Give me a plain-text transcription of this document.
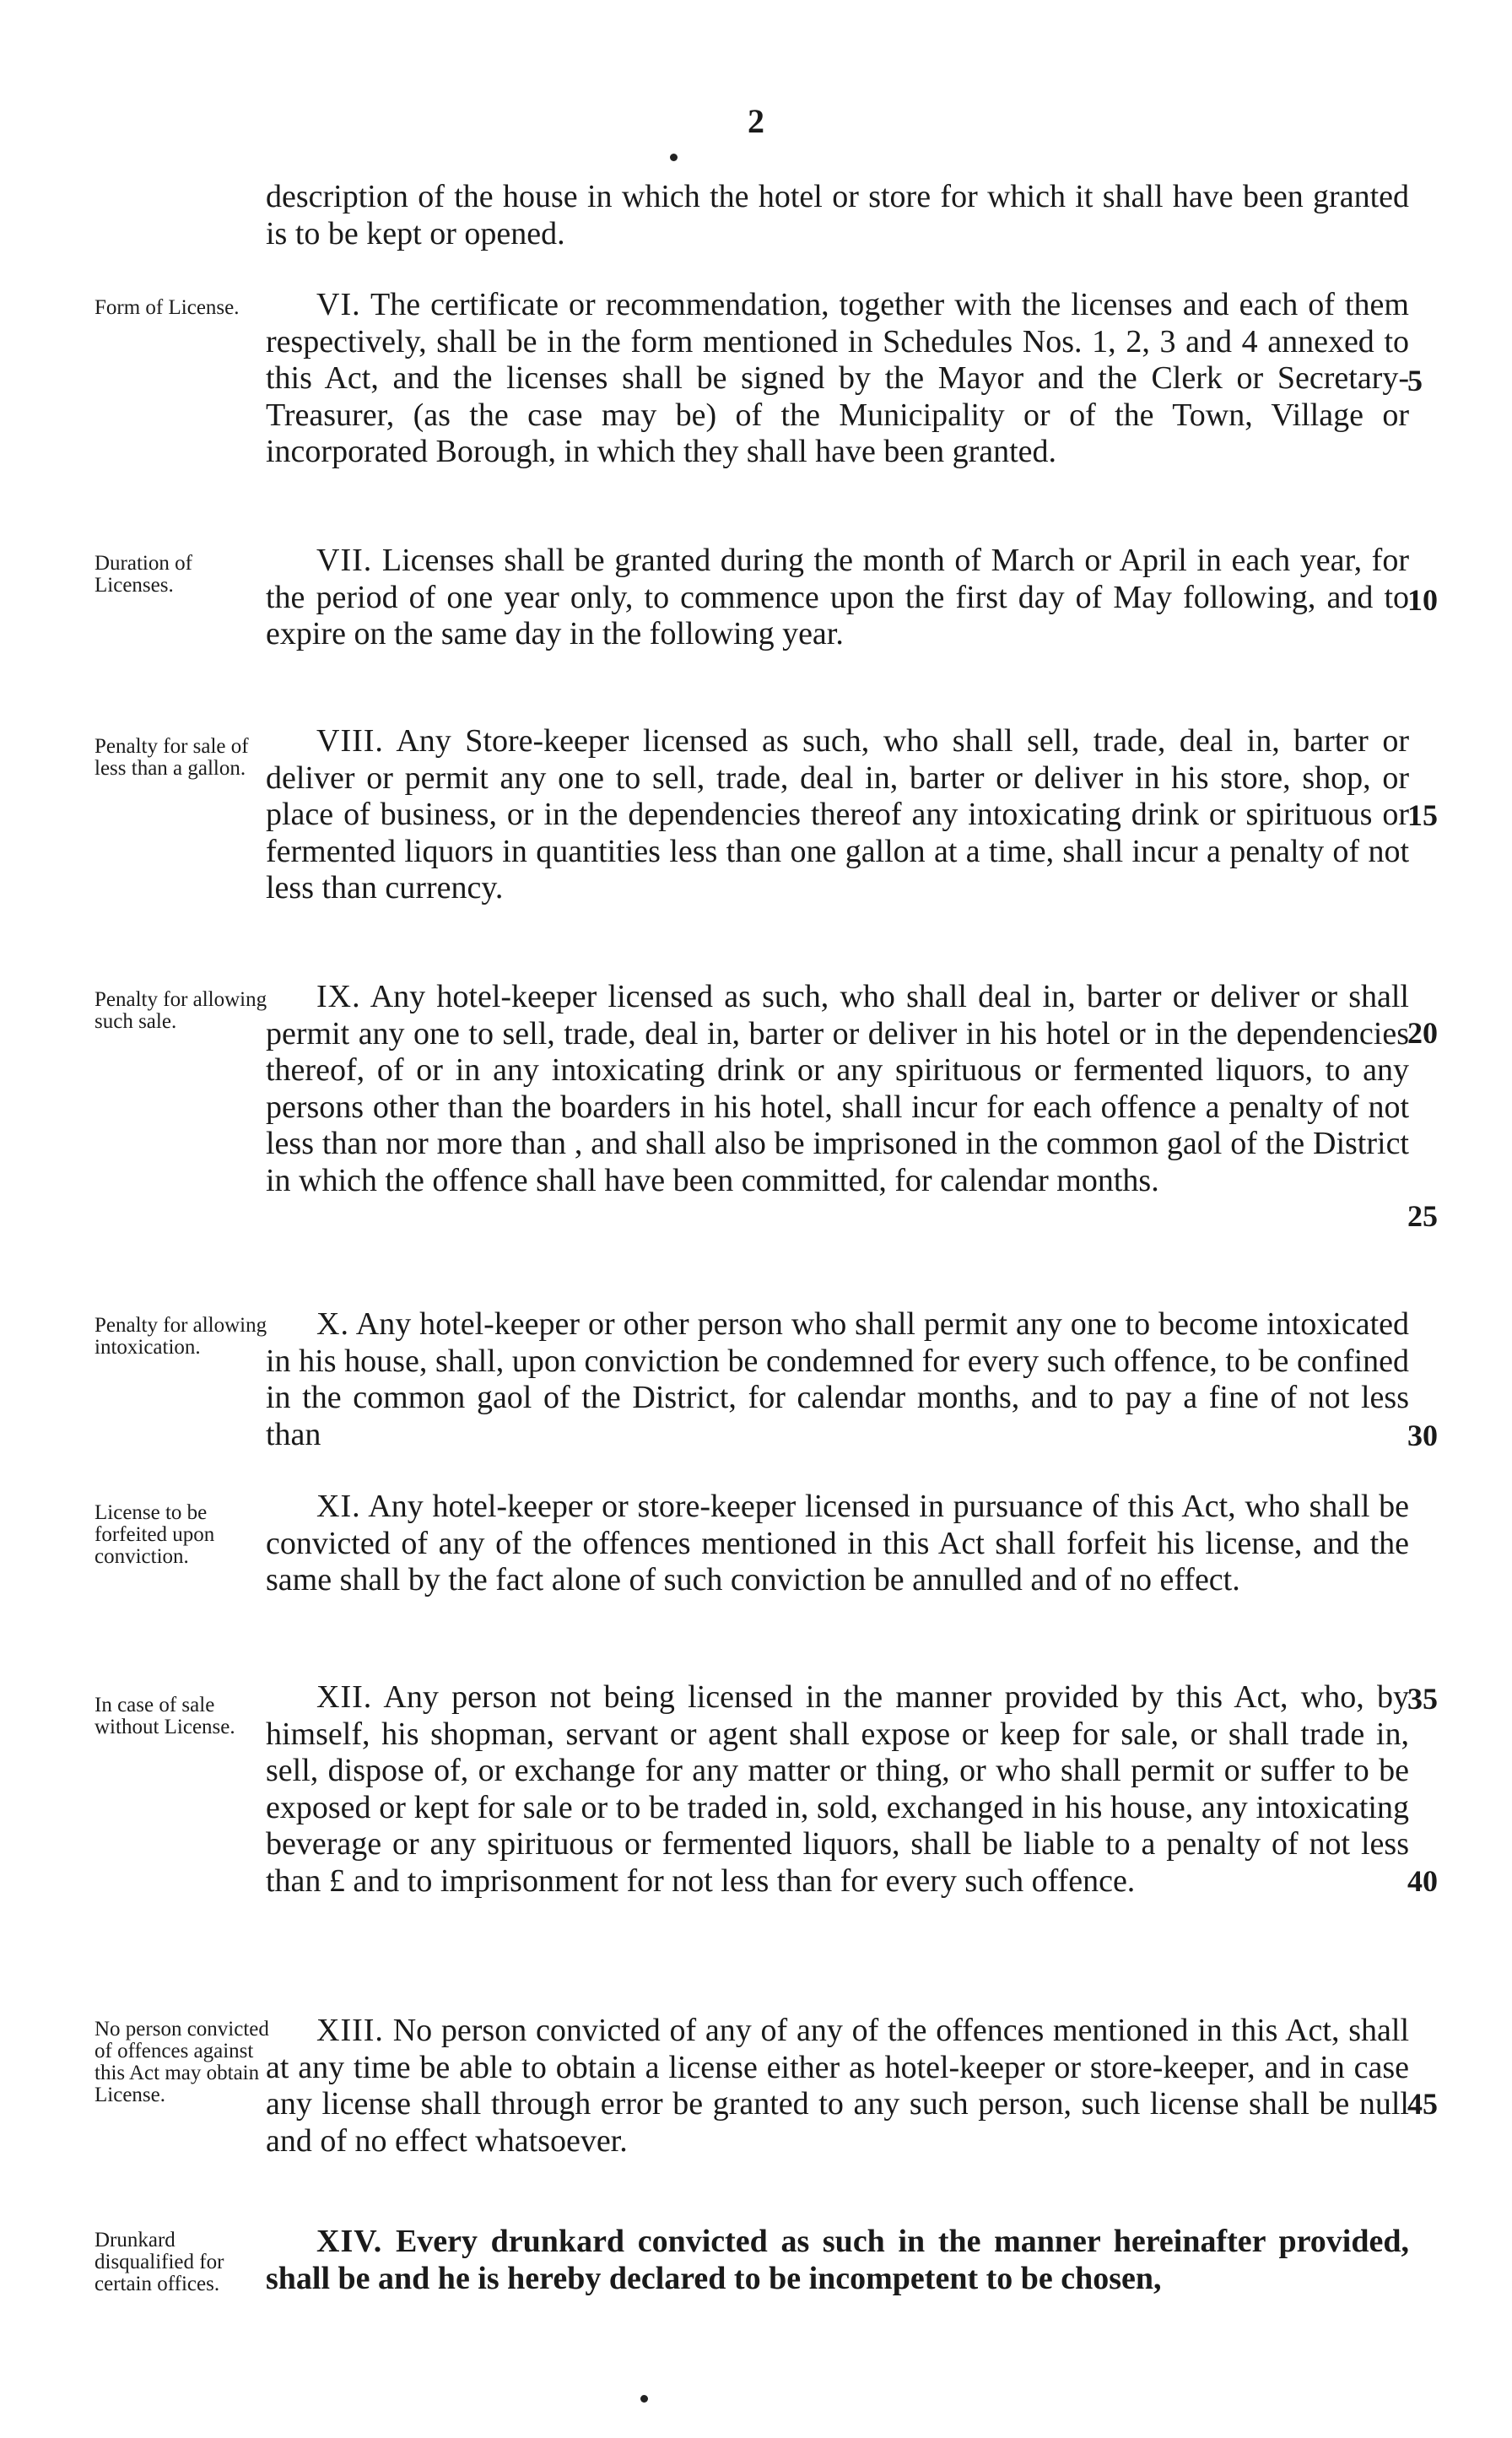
2
description of the house in which the hotel or store for which it shall have been granted is to be kept or opened.
Form of License.	VI. The certificate or recommendation, together with the licenses and each of them respectively, shall be in the form mentioned in Schedules Nos. 1, 2, 3 and 4 annexed to this Act, and the licenses shall be signed by the Mayor and the Clerk or Secretary-Treasurer, (as the case may be) of the Municipality or of the Town, Village or incorporated Borough, in which they shall have been granted.
5
Duration of Licenses.
VII. Licenses shall be granted during the month of March or April in each year, for the period of one year only, to commence upon the first day of May following, and to expire on the same day in the following year.
10
Penalty for sale of less than a gallon.
VIII. Any Store-keeper licensed as such, who shall sell, trade, deal in, barter or deliver or permit any one to sell, trade, deal in, barter or deliver in his store, shop, or place of business, or in the dependencies thereof any intoxicating drink or spirituous or fermented liquors in quantities less than one gallon at a time, shall incur a penalty of not less than currency.
15
Penalty for allowing such sale.
IX. Any hotel-keeper licensed as such, who shall deal in, barter or deliver or shall permit any one to sell, trade, deal in, barter or deliver in his hotel or in the dependencies thereof, of or in any intoxicating drink or any spirituous or fermented liquors, to any persons other than the boarders in his hotel, shall incur for each offence a penalty of not less than nor more than , and shall also be imprisoned in the common gaol of the District in which the offence shall have been committed, for calendar months.
20
25
Penalty for allowing intoxication.
X. Any hotel-keeper or other person who shall permit any one to become intoxicated in his house, shall, upon conviction be condemned for every such offence, to be confined in the common gaol of the District, for calendar months, and to pay a fine of not less than	30
License to be forfeited upon conviction.
XI. Any hotel-keeper or store-keeper licensed in pursuance of this Act, who shall be convicted of any of the offences mentioned in this Act shall forfeit his license, and the same shall by the fact alone of such conviction be annulled and of no effect.
In case of sale without License.
XII. Any person not being licensed in the manner provided by this Act, who, by himself, his shopman, servant or agent shall expose or keep for sale, or shall trade in, sell, dispose of, or exchange for any matter or thing, or who shall permit or suffer to be exposed or kept for sale or to be traded in, sold, exchanged in his house, any intoxicating beverage or any spirituous or fermented liquors, shall be liable to a penalty of not less than £ and to imprisonment for not less than for every such offence.
35
40
No person convicted of offences against this Act may obtain License.
XIII. No person convicted of any of any of the offences mentioned in this Act, shall at any time be able to obtain a license either as hotel-keeper or store-keeper, and in case any license shall through error be granted to any such person, such license shall be null and of no effect whatsoever.
45
Drunkard disqualified for certain offices.
XIV. Every drunkard convicted as such in the manner hereinafter provided, shall be and he is hereby declared to be incompetent to be chosen,
